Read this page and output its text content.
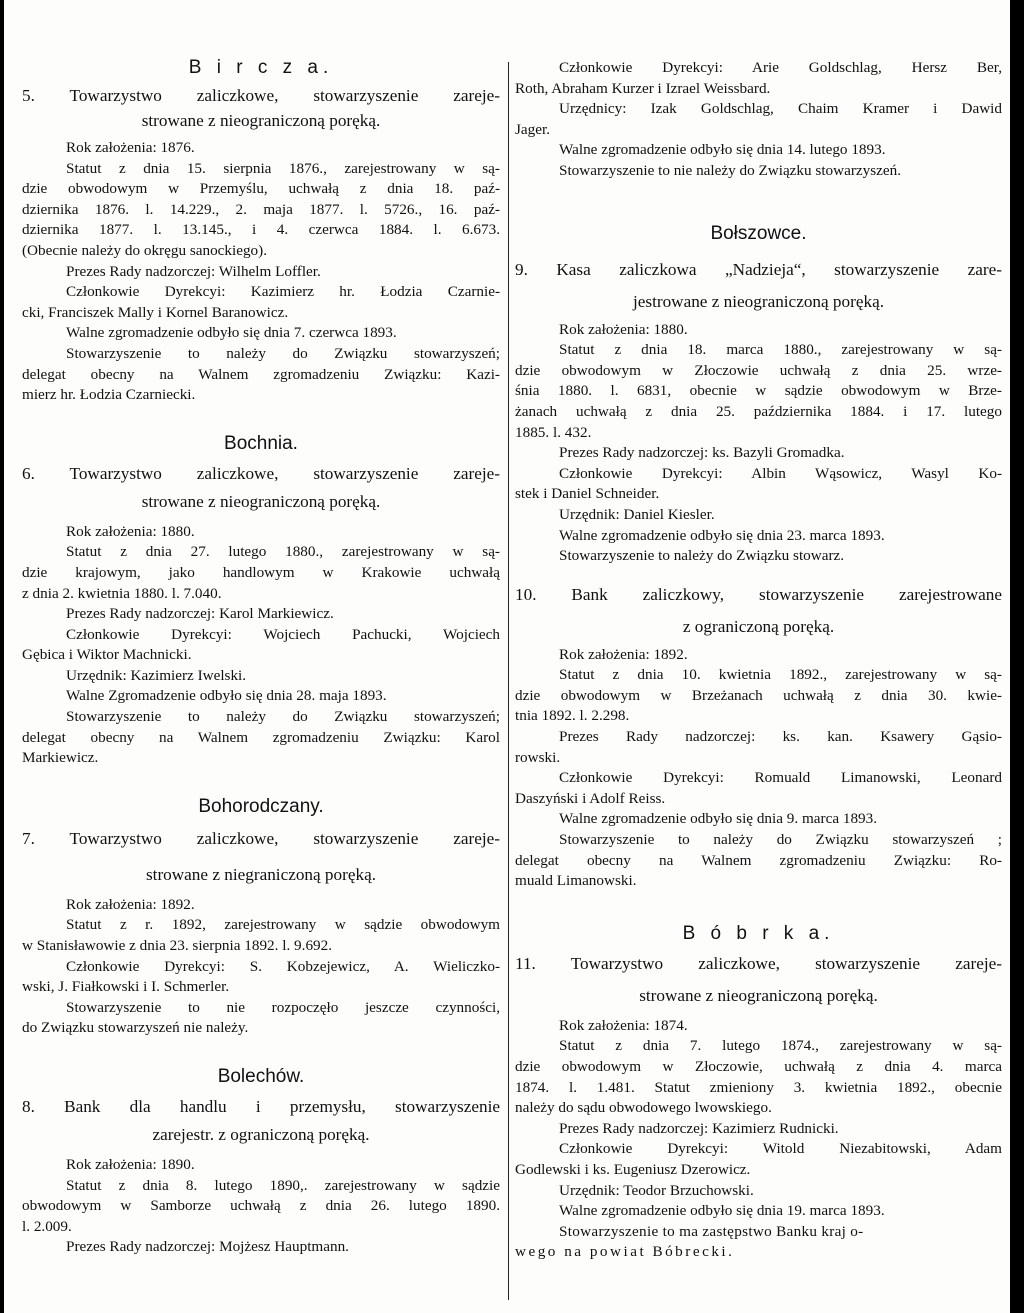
B i r c z a.

5. Towarzystwo zaliczkowe, stowarzyszenie zareje-

strowane z nieograniczoną poręką.

Rok założenia: 1876.

Statut z dnia 15. sierpnia 1876., zarejestrowany w są-

dzie obwodowym w Przemyślu, uchwałą z dnia 18. paź-

dziernika 1876. l. 14.229., 2. maja 1877. l. 5726., 16. paź-

dziernika 1877. l. 13.145., i 4. czerwca 1884. l. 6.673.

(Obecnie należy do okręgu sanockiego).

Prezes Rady nadzorczej: Wilhelm Loffler.

Członkowie Dyrekcyi: Kazimierz hr. Łodzia Czarnie-

cki, Franciszek Mally i Kornel Baranowicz.

Walne zgromadzenie odbyło się dnia 7. czerwca 1893.

Stowarzyszenie to należy do Związku stowarzyszeń;

delegat obecny na Walnem zgromadzeniu Związku: Kazi-

mierz hr. Łodzia Czarniecki.

Bochnia.

6. Towarzystwo zaliczkowe, stowarzyszenie zareje-

strowane z nieograniczoną poręką.

Rok założenia: 1880.

Statut z dnia 27. lutego 1880., zarejestrowany w są-

dzie krajowym, jako handlowym w Krakowie uchwałą

z dnia 2. kwietnia 1880. l. 7.040.

Prezes Rady nadzorczej: Karol Markiewicz.

Członkowie Dyrekcyi: Wojciech Pachucki, Wojciech

Gębica i Wiktor Machnicki.

Urzędnik: Kazimierz Iwelski.

Walne Zgromadzenie odbyło się dnia 28. maja 1893.

Stowarzyszenie to należy do Związku stowarzyszeń;

delegat obecny na Walnem zgromadzeniu Związku: Karol

Markiewicz.

Bohorodczany.

7. Towarzystwo zaliczkowe, stowarzyszenie zareje-

strowane z niegraniczoną poręką.

Rok założenia: 1892.

Statut z r. 1892, zarejestrowany w sądzie obwodowym

w Stanisławowie z dnia 23. sierpnia 1892. l. 9.692.

Członkowie Dyrekcyi: S. Kobzejewicz, A. Wieliczko-

wski, J. Fiałkowski i I. Schmerler.

Stowarzyszenie to nie rozpoczęło jeszcze czynności,

do Związku stowarzyszeń nie należy.

Bolechów.

8. Bank dla handlu i przemysłu, stowarzyszenie

zarejestr. z ograniczoną poręką.

Rok założenia: 1890.

Statut z dnia 8. lutego 1890,. zarejestrowany w sądzie

obwodowym w Samborze uchwałą z dnia 26. lutego 1890.

l. 2.009.

Prezes Rady nadzorczej: Mojżesz Hauptmann.

Członkowie Dyrekcyi: Arie Goldschlag, Hersz Ber,

Roth, Abraham Kurzer i Izrael Weissbard.

Urzędnicy: Izak Goldschlag, Chaim Kramer i Dawid

Jager.

Walne zgromadzenie odbyło się dnia 14. lutego 1893.

Stowarzyszenie to nie należy do Związku stowarzyszeń.

Bołszowce.

9. Kasa zaliczkowa „Nadzieja“, stowarzyszenie zare-

jestrowane z nieograniczoną poręką.

Rok założenia: 1880.

Statut z dnia 18. marca 1880., zarejestrowany w są-

dzie obwodowym w Złoczowie uchwałą z dnia 25. wrze-

śnia 1880. l. 6831, obecnie w sądzie obwodowym w Brze-

żanach uchwałą z dnia 25. października 1884. i 17. lutego

1885. l. 432.

Prezes Rady nadzorczej: ks. Bazyli Gromadka.

Członkowie Dyrekcyi: Albin Wąsowicz, Wasyl Ko-

stek i Daniel Schneider.

Urzędnik: Daniel Kiesler.

Walne zgromadzenie odbyło się dnia 23. marca 1893.

Stowarzyszenie to należy do Związku stowarz.

10. Bank zaliczkowy, stowarzyszenie zarejestrowane

z ograniczoną poręką.

Rok założenia: 1892.

Statut z dnia 10. kwietnia 1892., zarejestrowany w są-

dzie obwodowym w Brzeżanach uchwałą z dnia 30. kwie-

tnia 1892. l. 2.298.

Prezes Rady nadzorczej: ks. kan. Ksawery Gąsio-

rowski.

Członkowie Dyrekcyi: Romuald Limanowski, Leonard

Daszyński i Adolf Reiss.

Walne zgromadzenie odbyło się dnia 9. marca 1893.

Stowarzyszenie to należy do Związku stowarzyszeń ;

delegat obecny na Walnem zgromadzeniu Związku: Ro-

muald Limanowski.

B ó b r k a.

11. Towarzystwo zaliczkowe, stowarzyszenie zareje-

strowane z nieograniczoną poręką.

Rok założenia: 1874.

Statut z dnia 7. lutego 1874., zarejestrowany w są-

dzie obwodowym w Złoczowie, uchwałą z dnia 4. marca

1874. l. 1.481. Statut zmieniony 3. kwietnia 1892., obecnie

należy do sądu obwodowego lwowskiego.

Prezes Rady nadzorczej: Kazimierz Rudnicki.

Członkowie Dyrekcyi: Witold Niezabitowski, Adam

Godlewski i ks. Eugeniusz Dzerowicz.

Urzędnik: Teodor Brzuchowski.

Walne zgromadzenie odbyło się dnia 19. marca 1893.

Stowarzyszenie to ma zastępstwo Banku kraj o-

wego na powiat Bóbrecki.
